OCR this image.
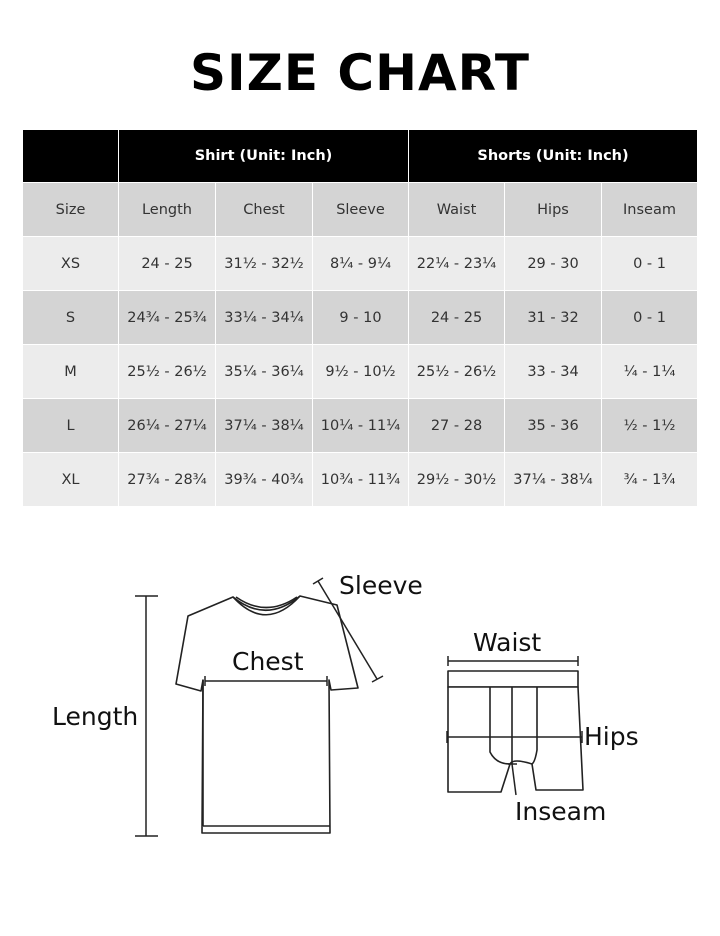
SIZE CHART
	Shirt (Unit: Inch)			Shorts (Unit: Inch)		
Size	Length	Chest	Sleeve	Waist	Hips	Inseam
XS	24 - 25	31½ - 32½	8¼ - 9¼	22¼ - 23¼	29 - 30	0 - 1
S	24¾ - 25¾	33¼ - 34¼	9 - 10	24 - 25	31 - 32	0 - 1
M	25½ - 26½	35¼ - 36¼	9½ - 10½	25½ - 26½	33 - 34	¼ - 1¼
L	26¼ - 27¼	37¼ - 38¼	10¼ - 11¼	27 - 28	35 - 36	½ - 1½
XL	27¾ - 28¾	39¾ - 40¾	10¾ - 11¾	29½ - 30½	37¼ - 38¼	¾ - 1¾
Sleeve
Chest
Length
Waist
Hips
Inseam
